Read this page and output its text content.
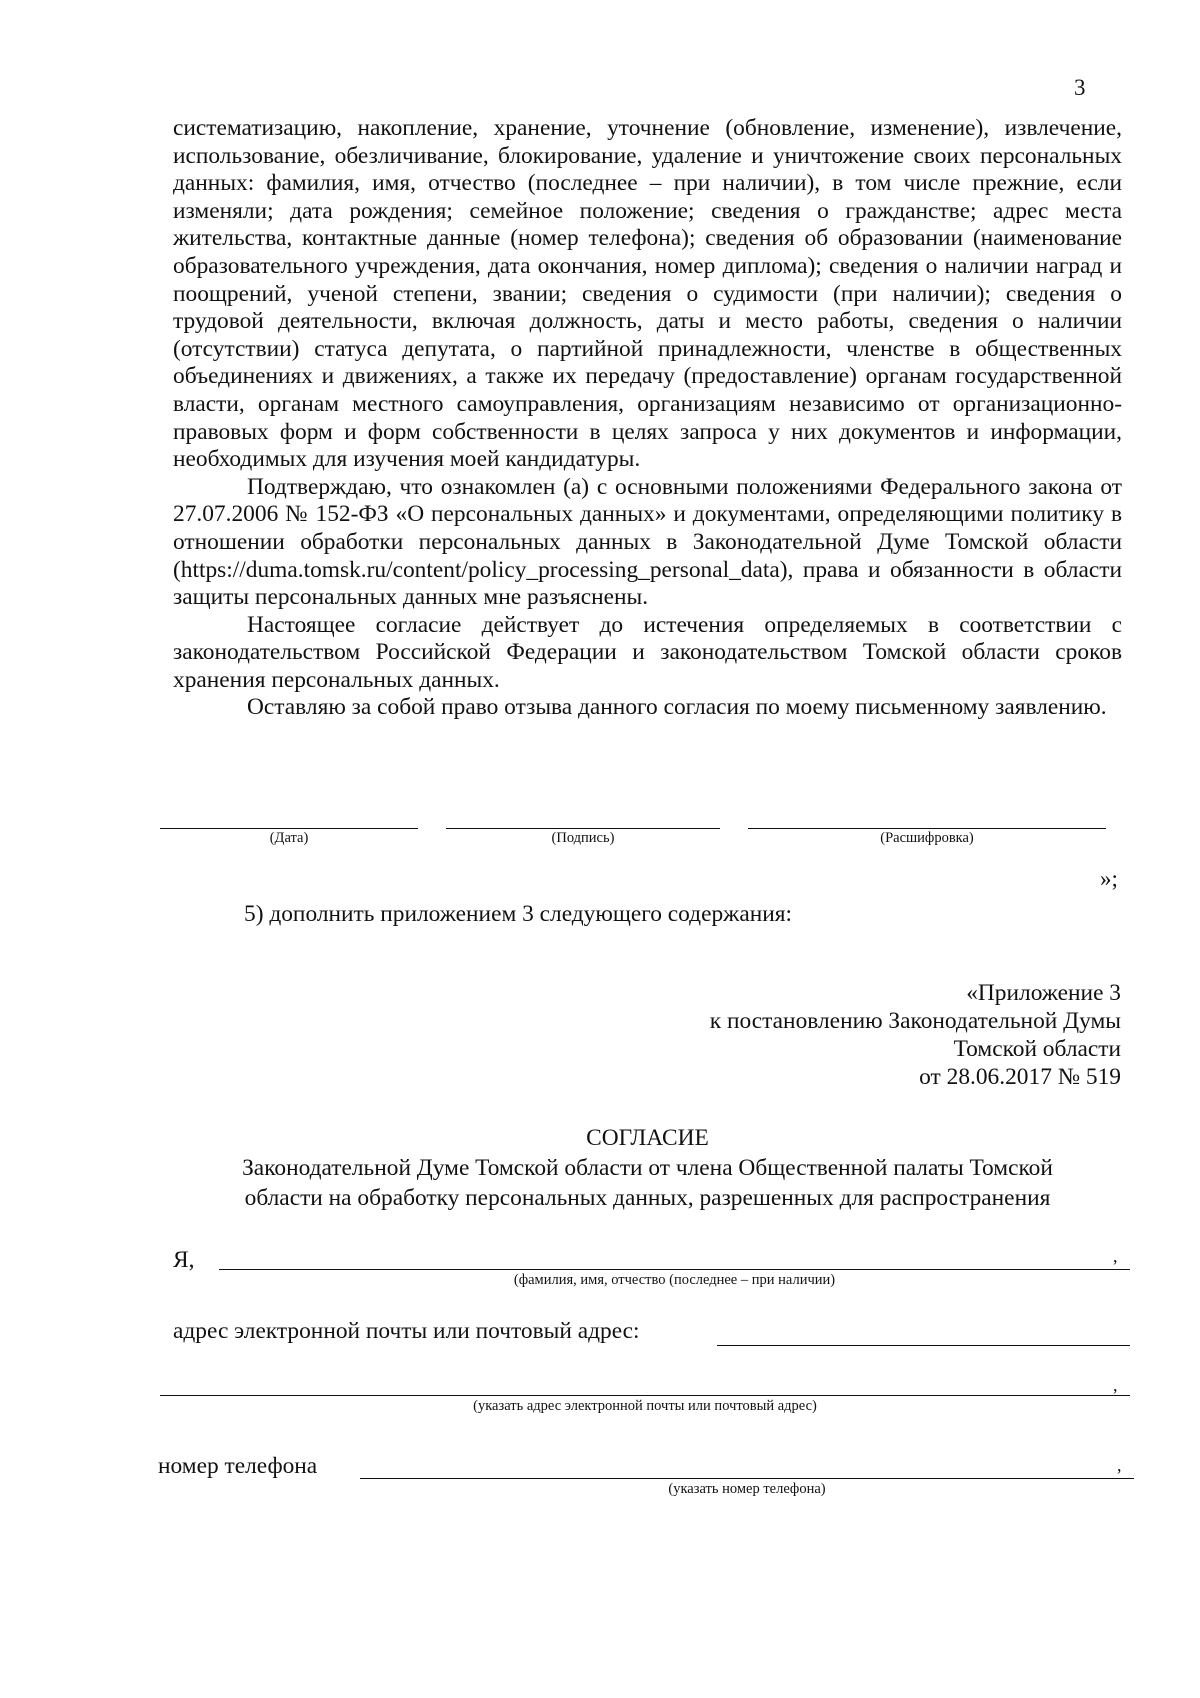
3

систематизацию, накопление, хранение, уточнение (обновление, изменение), извлечение, использование, обезличивание, блокирование, удаление и уничтожение своих персональных данных: фамилия, имя, отчество (последнее – при наличии), в том числе прежние, если изменяли; дата рождения; семейное положение; сведения о гражданстве; адрес места жительства, контактные данные (номер телефона); сведения об образовании (наименование образовательного учреждения, дата окончания, номер диплома); сведения о наличии наград и поощрений, ученой степени, звании; сведения о судимости (при наличии); сведения о трудовой деятельности, включая должность, даты и место работы, сведения о наличии (отсутствии) статуса депутата, о партийной принадлежности, членстве в общественных объединениях и движениях, а также их передачу (предоставление) органам государственной власти, органам местного самоуправления, организациям независимо от организационно-правовых форм и форм собственности в целях запроса у них документов и информации, необходимых для изучения моей кандидатуры.

Подтверждаю, что ознакомлен (а) с основными положениями Федерального закона от 27.07.2006 № 152-ФЗ «О персональных данных» и документами, определяющими политику в отношении обработки персональных данных в Законодательной Думе Томской области (https://duma.tomsk.ru/content/policy_processing_personal_data), права и обязанности в области защиты персональных данных мне разъяснены.

Настоящее согласие действует до истечения определяемых в соответствии с законодательством Российской Федерации и законодательством Томской области сроков хранения персональных данных.

Оставляю за собой право отзыва данного согласия по моему письменному заявлению.

(Дата)	(Подпись)	(Расшифровка)
»;
5) дополнить приложением 3 следующего содержания:
«Приложение 3
к постановлению Законодательной Думы
Томской области
от 28.06.2017 № 519
СОГЛАСИЕ
Законодательной Думе Томской области от члена Общественной палаты Томской
области на обработку персональных данных, разрешенных для распространения
Я,	,
(фамилия, имя, отчество (последнее – при наличии)
адрес электронной почты или почтовый адрес:
,
(указать адрес электронной почты или почтовый адрес)
номер телефона	,
(указать номер телефона)
